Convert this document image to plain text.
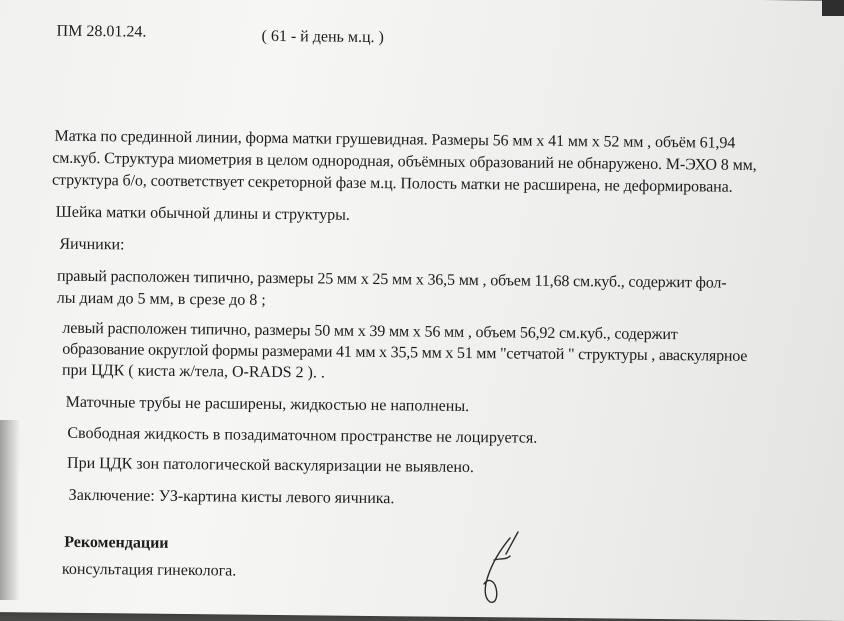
ПМ 28.01.24.	( 61 - й день м.ц. )
Матка по срединной линии, форма матки грушевидная. Размеры 56 мм х 41 мм х 52 мм , объём 61,94
см.куб. Структура миометрия в целом однородная, объёмных образований не обнаружено. М-ЭХО 8 мм,
структура б/о, соответствует секреторной фазе м.ц. Полость матки не расширена, не деформирована.
Шейка матки обычной длины и структуры.
Яичники:
правый расположен типично, размеры 25 мм х 25 мм х 36,5 мм , объем 11,68 см.куб., содержит фол-
лы диам до 5 мм, в срезе до 8 ;
левый расположен типично, размеры 50 мм х 39 мм х 56 мм , объем 56,92 см.куб., содержит
образование округлой формы размерами 41 мм х 35,5 мм х 51 мм "сетчатой " структуры , аваскулярное
при ЦДК ( киста ж/тела, O-RADS 2 ). .
Маточные трубы не расширены, жидкостью не наполнены.
Свободная жидкость в позадиматочном пространстве не лоцируется.
При ЦДК зон патологической васкуляризации не выявлено.
Заключение: УЗ-картина кисты левого яичника.
Рекомендации
консультация гинеколога.
